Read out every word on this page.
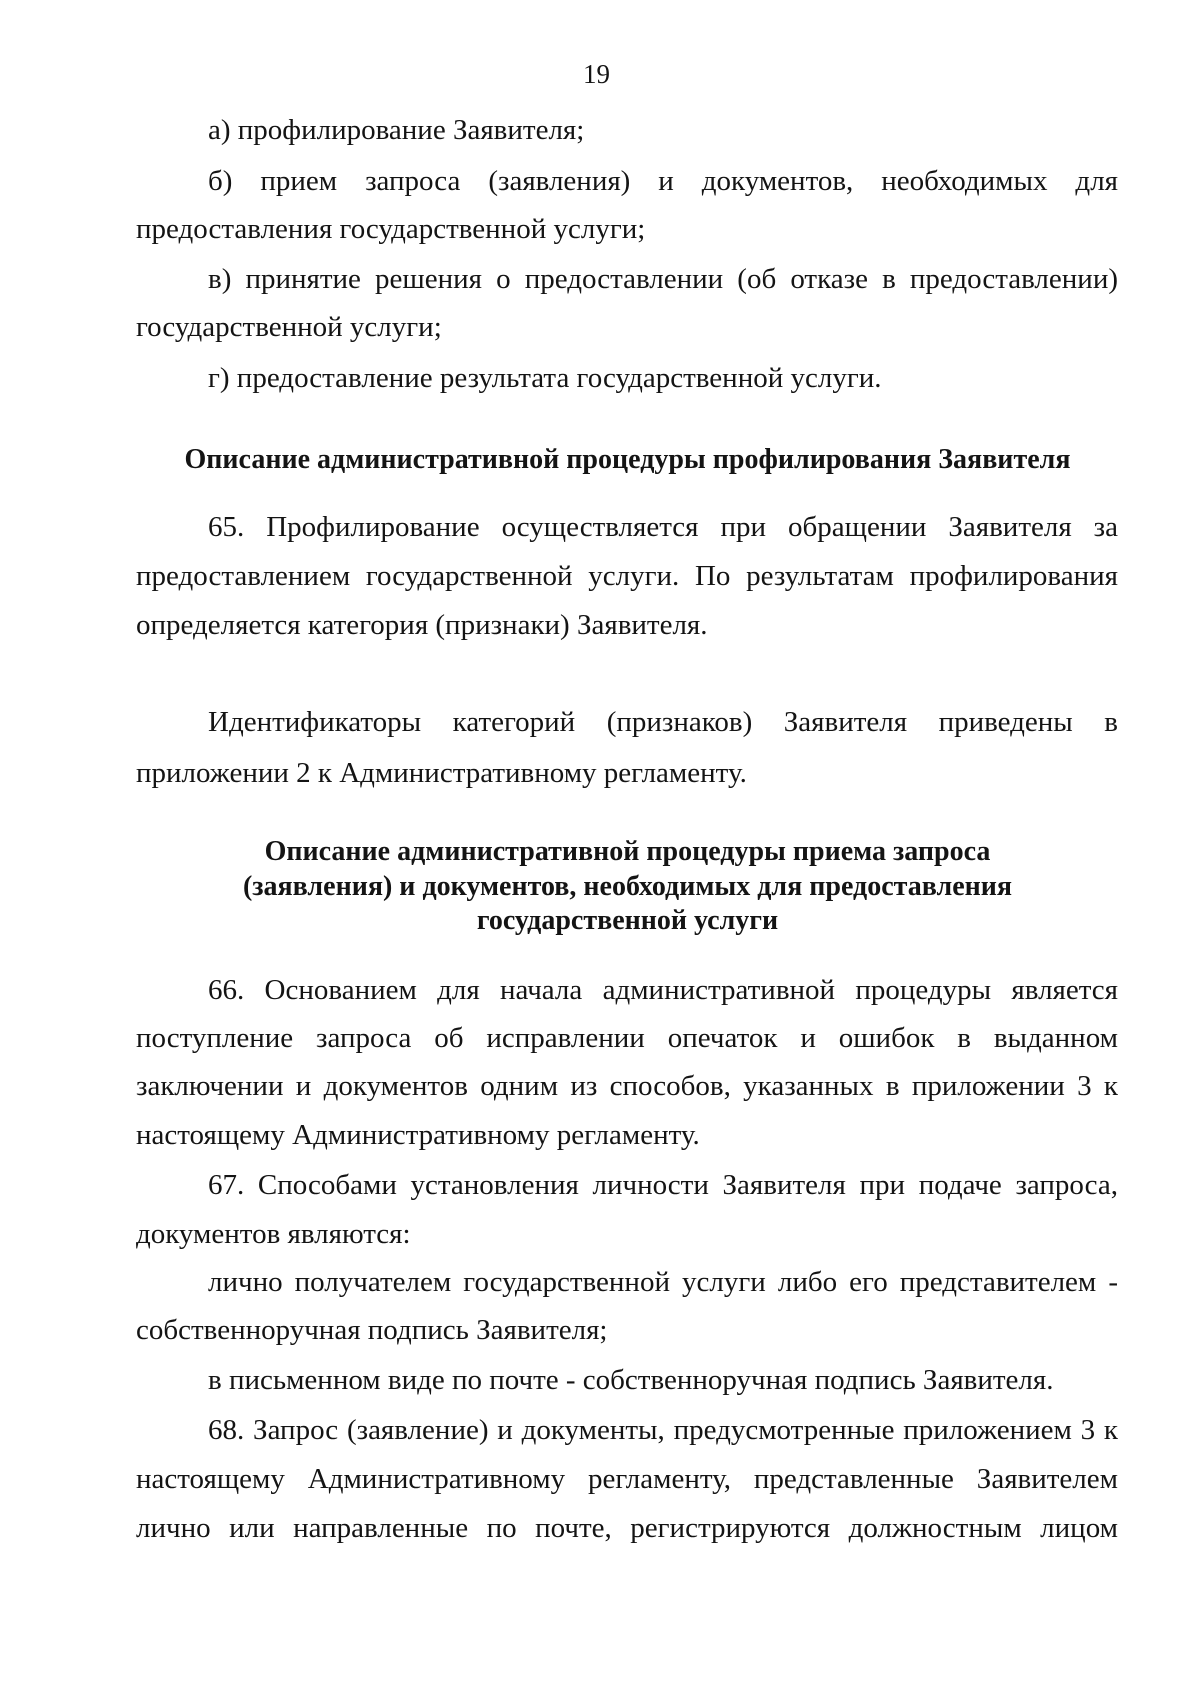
19
а) профилирование Заявителя;
б) прием запроса (заявления) и документов, необходимых для
предоставления государственной услуги;
в) принятие решения о предоставлении (об отказе в предоставлении)
государственной услуги;
г) предоставление результата государственной услуги.
Описание административной процедуры профилирования Заявителя
65. Профилирование осуществляется при обращении Заявителя за
предоставлением государственной услуги. По результатам профилирования
определяется категория (признаки) Заявителя.
Идентификаторы категорий (признаков) Заявителя приведены в
приложении 2 к Административному регламенту.
Описание административной процедуры приема запроса
(заявления) и документов, необходимых для предоставления
государственной услуги
66. Основанием для начала административной процедуры является
поступление запроса об исправлении опечаток и ошибок в выданном
заключении и документов одним из способов, указанных в приложении 3 к
настоящему Административному регламенту.
67. Способами установления личности Заявителя при подаче запроса,
документов являются:
лично получателем государственной услуги либо его представителем -
собственноручная подпись Заявителя;
в письменном виде по почте - собственноручная подпись Заявителя.
68. Запрос (заявление) и документы, предусмотренные приложением 3 к
настоящему Административному регламенту, представленные Заявителем
лично или направленные по почте, регистрируются должностным лицом
